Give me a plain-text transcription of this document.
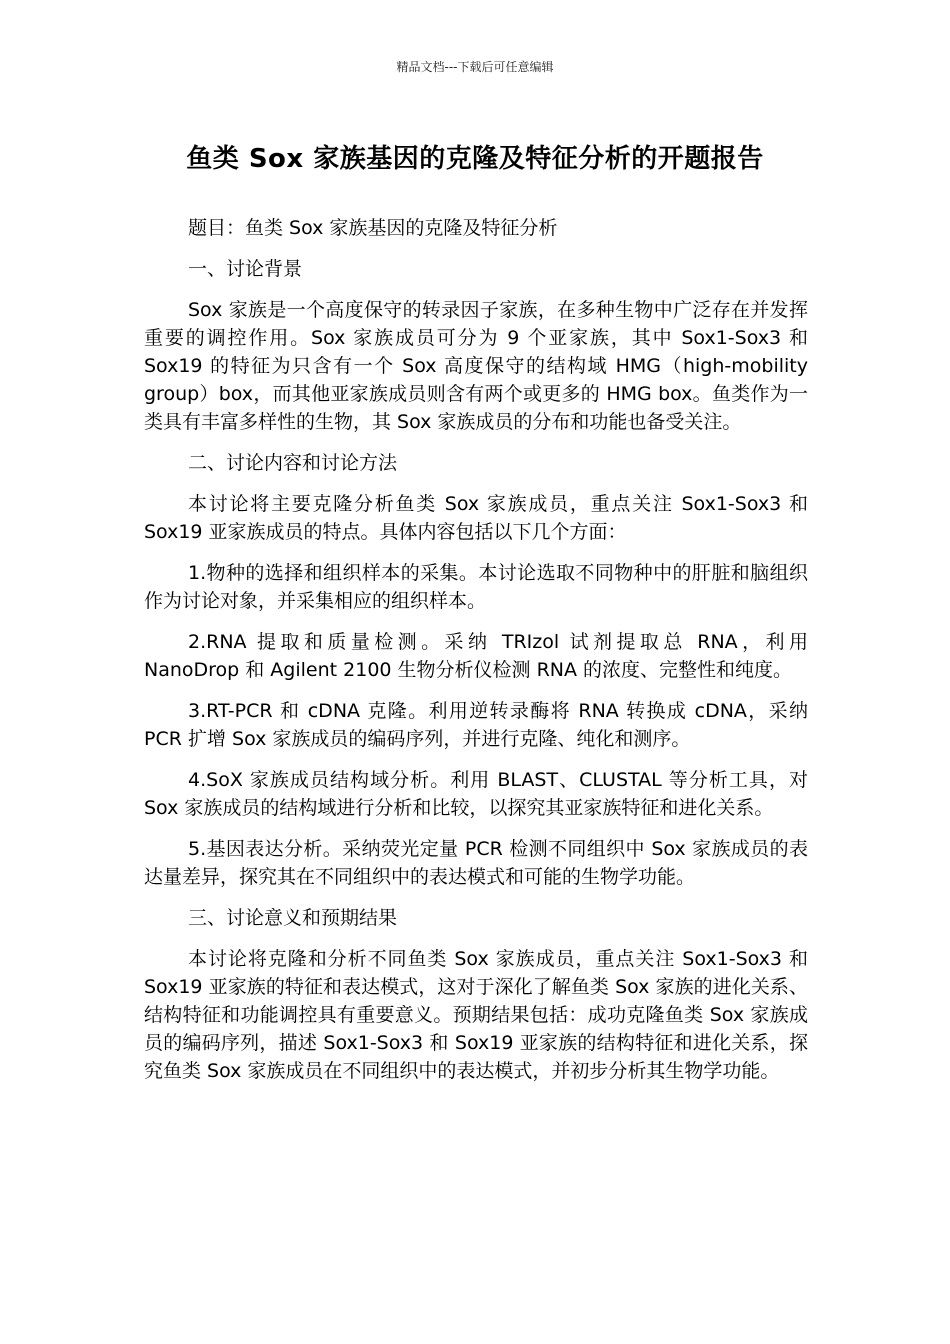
精品文档---下载后可任意编辑
鱼类 Sox 家族基因的克隆及特征分析的开题报告

题目：鱼类 Sox 家族基因的克隆及特征分析

一、讨论背景

Sox 家族是一个高度保守的转录因子家族，在多种生物中广泛存在并发挥重要的调控作用。Sox 家族成员可分为 9 个亚家族，其中 Sox1-Sox3 和 Sox19 的特征为只含有一个 Sox 高度保守的结构域 HMG（high-mobility group）box，而其他亚家族成员则含有两个或更多的 HMG box。鱼类作为一类具有丰富多样性的生物，其 Sox 家族成员的分布和功能也备受关注。

二、讨论内容和讨论方法

本讨论将主要克隆分析鱼类 Sox 家族成员，重点关注 Sox1-Sox3 和 Sox19 亚家族成员的特点。具体内容包括以下几个方面：

1.物种的选择和组织样本的采集。本讨论选取不同物种中的肝脏和脑组织作为讨论对象，并采集相应的组织样本。

2.RNA 提取和质量检测。采纳 TRIzol 试剂提取总 RNA，利用 NanoDrop 和 Agilent 2100 生物分析仪检测 RNA 的浓度、完整性和纯度。

3.RT-PCR 和 cDNA 克隆。利用逆转录酶将 RNA 转换成 cDNA，采纳 PCR 扩增 Sox 家族成员的编码序列，并进行克隆、纯化和测序。

4.SoX 家族成员结构域分析。利用 BLAST、CLUSTAL 等分析工具，对 Sox 家族成员的结构域进行分析和比较，以探究其亚家族特征和进化关系。

5.基因表达分析。采纳荧光定量 PCR 检测不同组织中 Sox 家族成员的表达量差异，探究其在不同组织中的表达模式和可能的生物学功能。

三、讨论意义和预期结果

本讨论将克隆和分析不同鱼类 Sox 家族成员，重点关注 Sox1-Sox3 和 Sox19 亚家族的特征和表达模式，这对于深化了解鱼类 Sox 家族的进化关系、结构特征和功能调控具有重要意义。预期结果包括：成功克隆鱼类 Sox 家族成员的编码序列，描述 Sox1-Sox3 和 Sox19 亚家族的结构特征和进化关系，探究鱼类 Sox 家族成员在不同组织中的表达模式，并初步分析其生物学功能。
